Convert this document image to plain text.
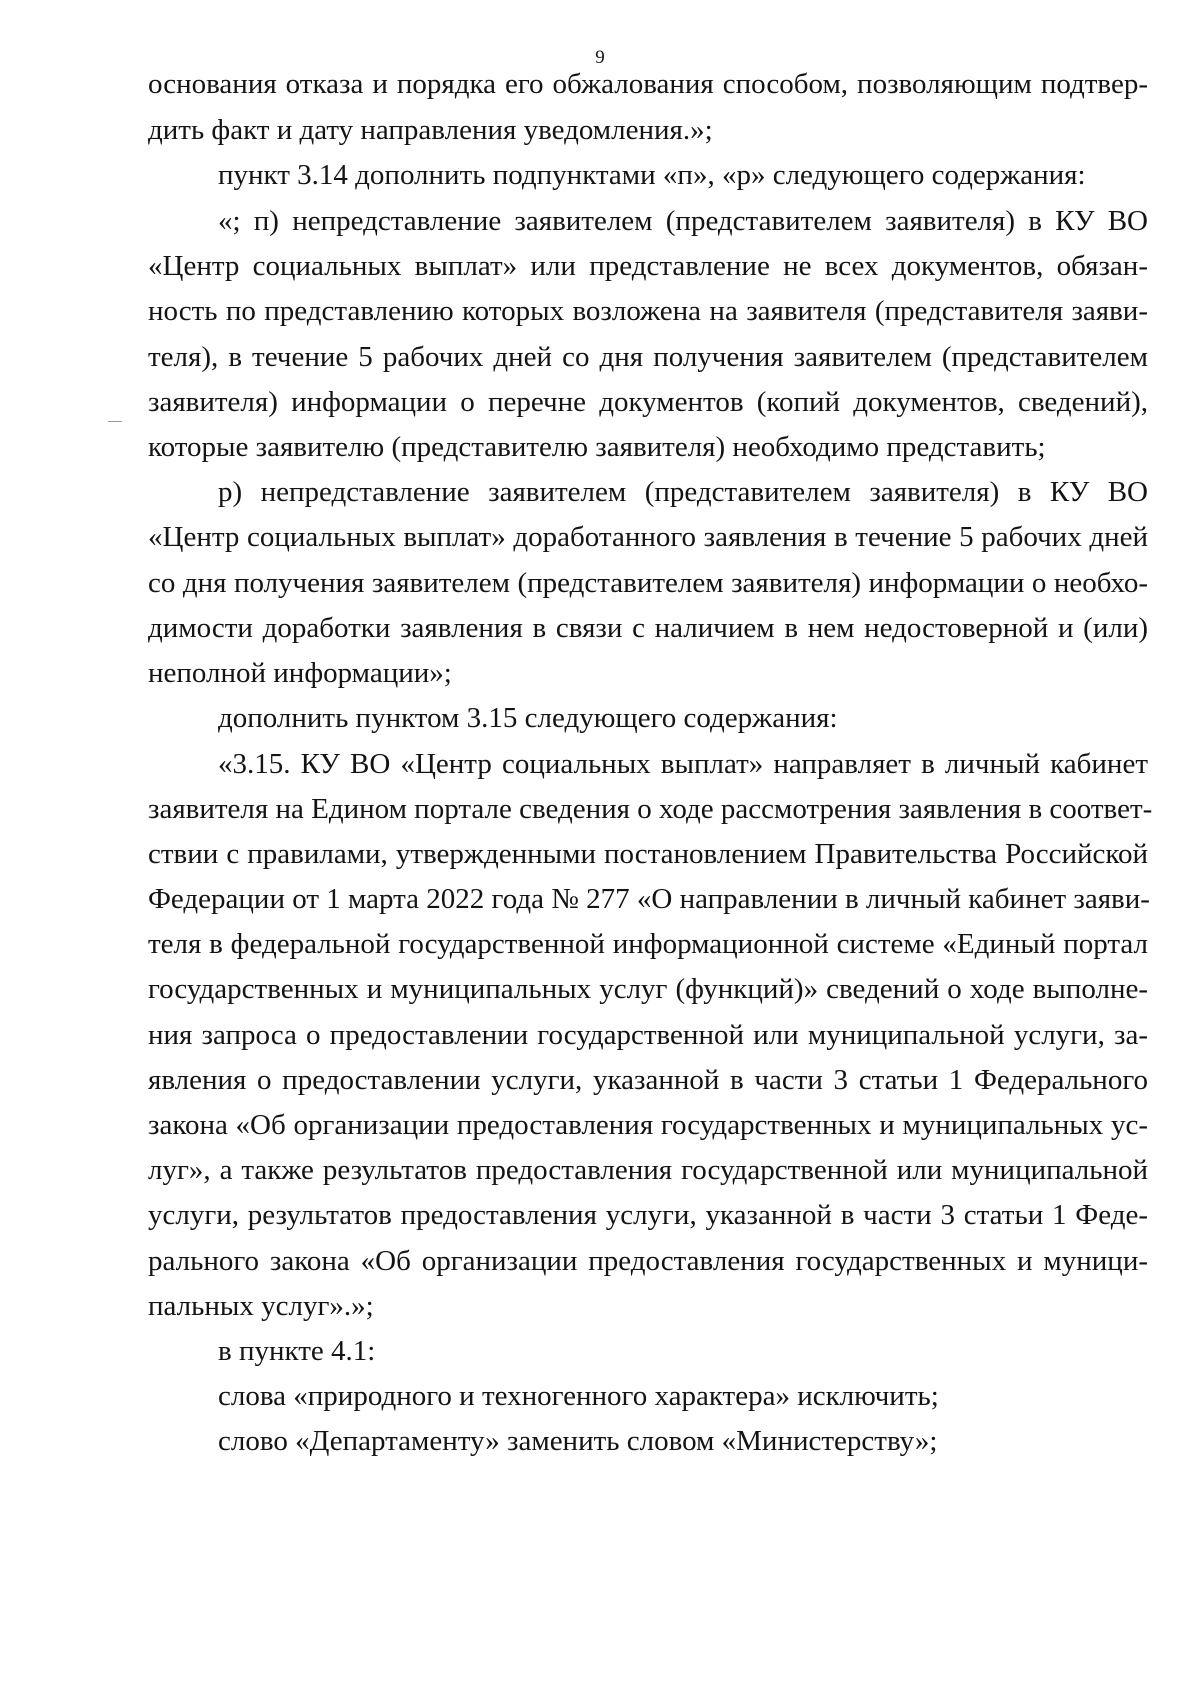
9
основания отказа и порядка его обжалования способом, позволяющим подтвер-
дить факт и дату направления уведомления.»;
пункт 3.14 дополнить подпунктами «п», «р» следующего содержания:
«; п) непредставление заявителем (представителем заявителя) в КУ ВО
«Центр социальных выплат» или представление не всех документов, обязан-
ность по представлению которых возложена на заявителя (представителя заяви-
теля), в течение 5 рабочих дней со дня получения заявителем (представителем
заявителя) информации о перечне документов (копий документов, сведений),
которые заявителю (представителю заявителя) необходимо представить;
р) непредставление заявителем (представителем заявителя) в КУ ВО
«Центр социальных выплат» доработанного заявления в течение 5 рабочих дней
со дня получения заявителем (представителем заявителя) информации о необхо-
димости доработки заявления в связи с наличием в нем недостоверной и (или)
неполной информации»;
дополнить пунктом 3.15 следующего содержания:
«3.15. КУ ВО «Центр социальных выплат» направляет в личный кабинет
заявителя на Едином портале сведения о ходе рассмотрения заявления в соответ-
ствии с правилами, утвержденными постановлением Правительства Российской
Федерации от 1 марта 2022 года № 277 «О направлении в личный кабинет заяви-
теля в федеральной государственной информационной системе «Единый портал
государственных и муниципальных услуг (функций)» сведений о ходе выполне-
ния запроса о предоставлении государственной или муниципальной услуги, за-
явления о предоставлении услуги, указанной в части 3 статьи 1 Федерального
закона «Об организации предоставления государственных и муниципальных ус-
луг», а также результатов предоставления государственной или муниципальной
услуги, результатов предоставления услуги, указанной в части 3 статьи 1 Феде-
рального закона «Об организации предоставления государственных и муници-
пальных услуг».»;
в пункте 4.1:
слова «природного и техногенного характера» исключить;
слово «Департаменту» заменить словом «Министерству»;
